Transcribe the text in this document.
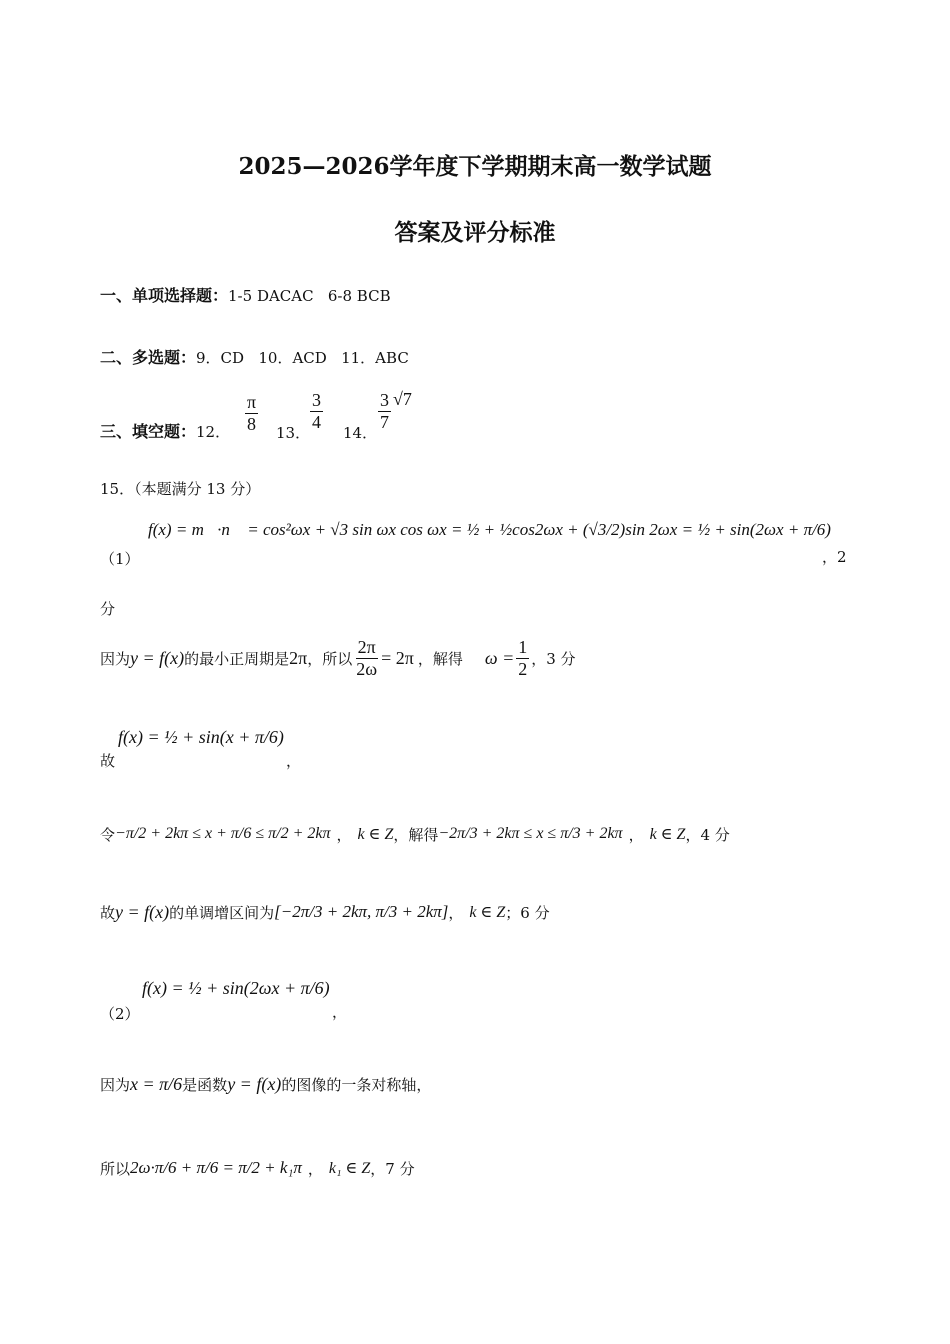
2025—2026学年度下学期期末高一数学试题
答案及评分标准
一、单项选择题：1-5 DACAC   6-8 BCB
二、多选题：9．CD   10．ACD   11．ABC
三、填空题：12． $\frac{\pi}{8} 13$．
$\frac{3}{4}$
14．
$\frac{3}{7} √7$
15．（本题满分 13 分）
（1）
f(x) = m⃗·n⃗ = cos²ωx + √3 sin ωx cos ωx = ½ + ½cos2ωx + (√3/2)sin 2ωx = ½ + sin(2ωx + π/6)
，2
分
因为 y = f(x) 的最小正周期是 2π ，所以 $\frac{2\pi}{2\omega} = 2\pi$ ，解得 $\omega = \frac{1}{2}$ ，3 分
故
f(x) = ½ + sin(x + π/6)
，
令 −π/2 + 2kπ ≤ x + π/6 ≤ π/2 + 2kπ ， k ∈ Z ，解得 −2π/3 + 2kπ ≤ x ≤ π/3 + 2kπ ， k ∈ Z ，4 分
故 y = f(x) 的单调增区间为 [−2π/3 + 2kπ, π/3 + 2kπ] ， k ∈ Z ；6 分
（2）
f(x) = ½ + sin(2ωx + π/6)
，
因为 x = π/6 是函数 y = f(x) 的图像的一条对称轴，
所以 2ω·π/6 + π/6 = π/2 + k₁π ， k₁ ∈ Z ，7 分
